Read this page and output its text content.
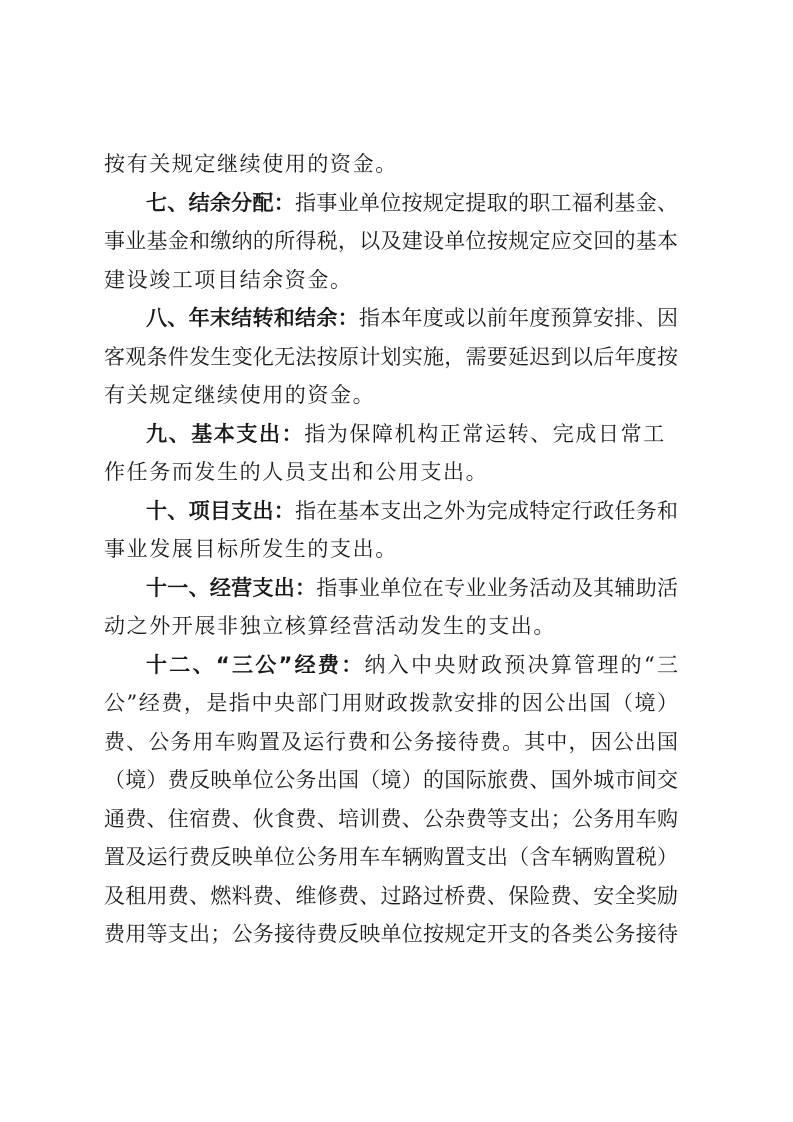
按有关规定继续使用的资金。
七、结余分配：指事业单位按规定提取的职工福利基金、
事业基金和缴纳的所得税，以及建设单位按规定应交回的基本
建设竣工项目结余资金。
八、年末结转和结余：指本年度或以前年度预算安排、因
客观条件发生变化无法按原计划实施，需要延迟到以后年度按
有关规定继续使用的资金。
九、基本支出：指为保障机构正常运转、完成日常工
作任务而发生的人员支出和公用支出。
十、项目支出：指在基本支出之外为完成特定行政任务和
事业发展目标所发生的支出。
十一、经营支出：指事业单位在专业业务活动及其辅助活
动之外开展非独立核算经营活动发生的支出。
十二、“三公”经费：纳入中央财政预决算管理的“三
公”经费，是指中央部门用财政拨款安排的因公出国（境）
费、公务用车购置及运行费和公务接待费。其中，因公出国
（境）费反映单位公务出国（境）的国际旅费、国外城市间交
通费、住宿费、伙食费、培训费、公杂费等支出；公务用车购
置及运行费反映单位公务用车车辆购置支出（含车辆购置税）
及租用费、燃料费、维修费、过路过桥费、保险费、安全奖励
费用等支出；公务接待费反映单位按规定开支的各类公务接待
